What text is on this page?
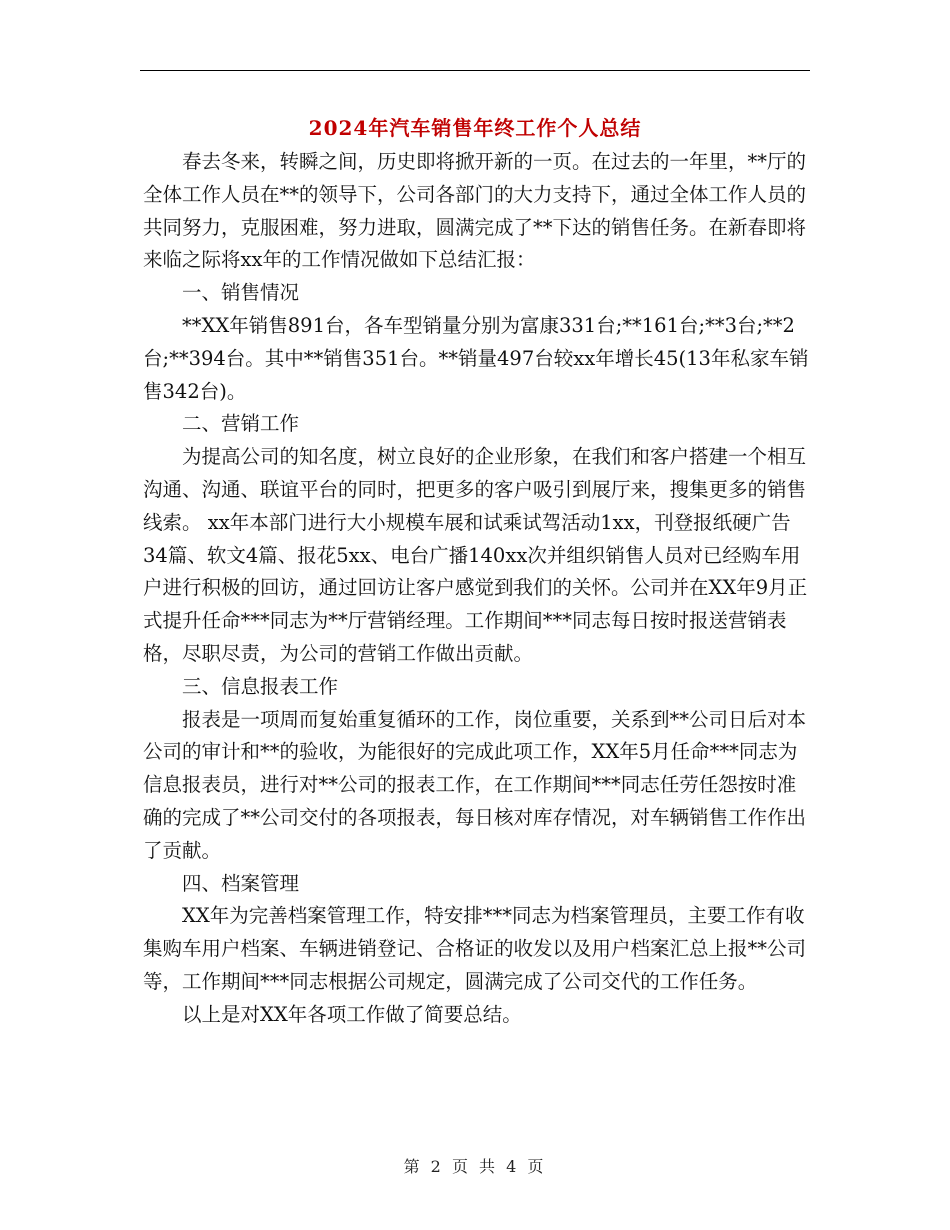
2024年汽车销售年终工作个人总结

春去冬来，转瞬之间，历史即将掀开新的一页。在过去的一年里，**厅的全体工作人员在**的领导下，公司各部门的大力支持下，通过全体工作人员的共同努力，克服困难，努力进取，圆满完成了**下达的销售任务。在新春即将来临之际将xx年的工作情况做如下总结汇报：

一、销售情况

**XX年销售891台，各车型销量分别为富康331台;**161台;**3台;**2台;**394台。其中**销售351台。**销量497台较xx年增长45(13年私家车销售342台)。

二、营销工作

为提高公司的知名度，树立良好的企业形象，在我们和客户搭建一个相互沟通、沟通、联谊平台的同时，把更多的客户吸引到展厅来，搜集更多的销售线索。 xx年本部门进行大小规模车展和试乘试驾活动1xx，刊登报纸硬广告34篇、软文4篇、报花5xx、电台广播140xx次并组织销售人员对已经购车用户进行积极的回访，通过回访让客户感觉到我们的关怀。公司并在XX年9月正式提升任命***同志为**厅营销经理。工作期间***同志每日按时报送营销表格，尽职尽责，为公司的营销工作做出贡献。

三、信息报表工作

报表是一项周而复始重复循环的工作，岗位重要，关系到**公司日后对本公司的审计和**的验收，为能很好的完成此项工作，XX年5月任命***同志为信息报表员，进行对**公司的报表工作，在工作期间***同志任劳任怨按时准确的完成了**公司交付的各项报表，每日核对库存情况，对车辆销售工作作出了贡献。

四、档案管理

XX年为完善档案管理工作，特安排***同志为档案管理员，主要工作有收集购车用户档案、车辆进销登记、合格证的收发以及用户档案汇总上报**公司等，工作期间***同志根据公司规定，圆满完成了公司交代的工作任务。

以上是对XX年各项工作做了简要总结。

第 2 页 共 4 页
